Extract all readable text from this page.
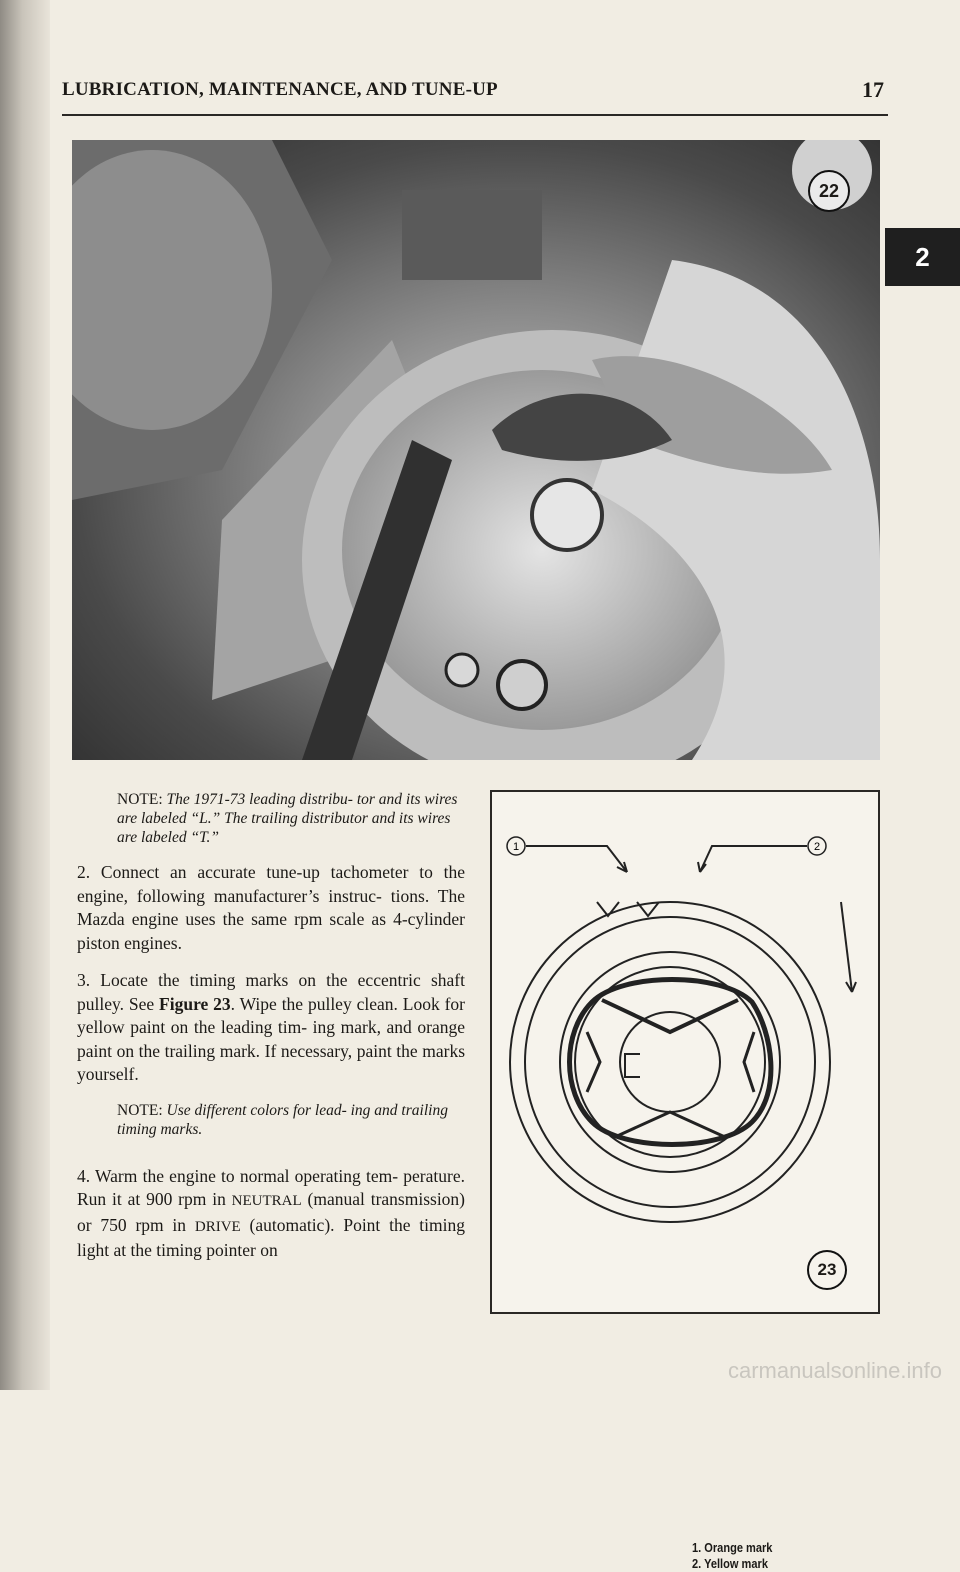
LUBRICATION, MAINTENANCE, AND TUNE-UP	17
2
22

NOTE: The 1971-73 leading distribu- tor and its wires are labeled “L.” The trailing distributor and its wires are labeled “T.”

2. Connect an accurate tune-up tachometer to the engine, following manufacturer’s instruc- tions. The Mazda engine uses the same rpm scale as 4-cylinder piston engines.

3. Locate the timing marks on the eccentric shaft pulley. See Figure 23. Wipe the pulley clean. Look for yellow paint on the leading tim- ing mark, and orange paint on the trailing mark. If necessary, paint the marks yourself.

NOTE: Use different colors for lead- ing and trailing timing marks.

4. Warm the engine to normal operating tem- perature. Run it at 900 rpm in NEUTRAL (manual transmission) or 750 rpm in DRIVE (automatic). Point the timing light at the timing pointer on

1	2
1. Orange mark
2. Yellow mark
23
carmanualsonline.info
